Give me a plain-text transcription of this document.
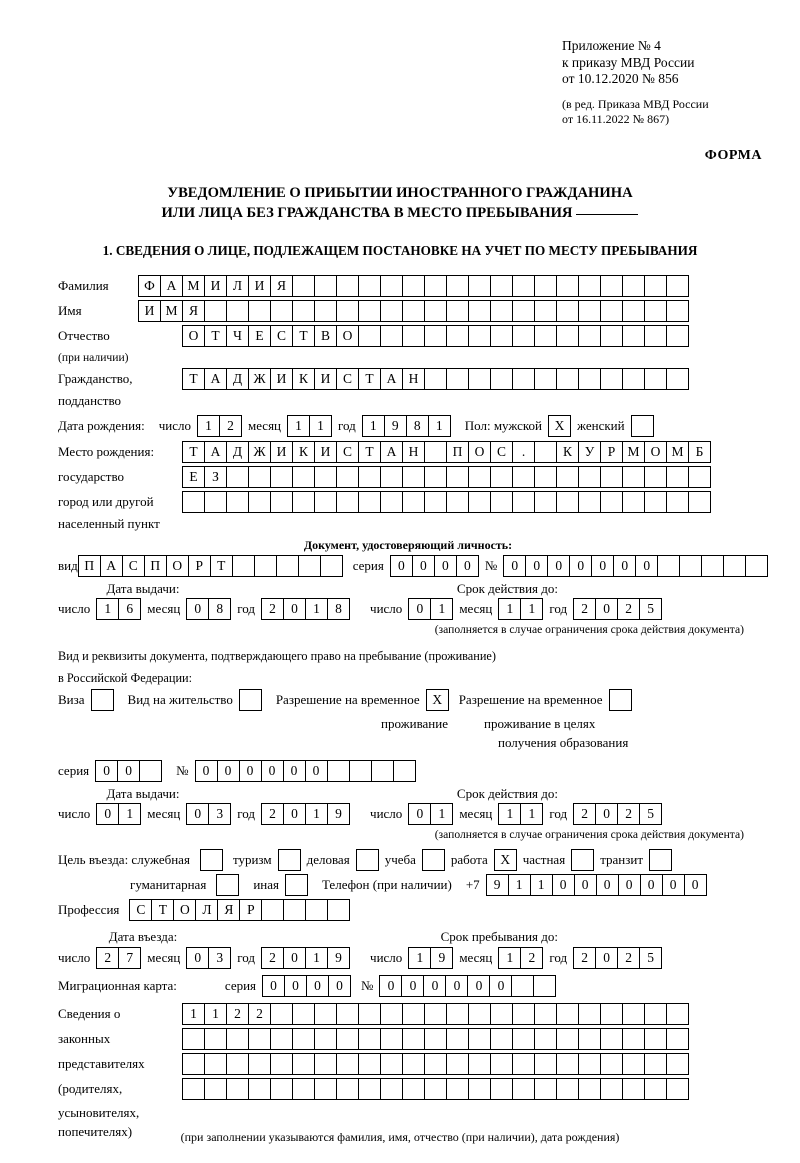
Приложение № 4
к приказу МВД России
от 10.12.2020 № 856
(в ред. Приказа МВД России
от 16.11.2022 № 867)
ФОРМА
УВЕДОМЛЕНИЕ О ПРИБЫТИИ ИНОСТРАННОГО ГРАЖДАНИНА
ИЛИ ЛИЦА БЕЗ ГРАЖДАНСТВА В МЕСТО ПРЕБЫВАНИЯ
1. СВЕДЕНИЯ О ЛИЦЕ, ПОДЛЕЖАЩЕМ ПОСТАНОВКЕ НА УЧЕТ ПО МЕСТУ ПРЕБЫВАНИЯ
Фамилия	Ф А М И Л И Я
Имя	И М Я
Отчество	О Т Ч Е С Т В О
(при наличии)
Гражданство,	Т А Д Ж И К И С Т А Н
подданство
Дата рождения: число	1	2	месяц	1	1	год	1	9	8	1	Пол: мужской X женский
Место рождения:	Т А Д Ж И К И С Т А Н	П О С	.	К У Р М О М Б
государство	Е	З
город или другой
населенный пункт
Документ, удостоверяющий личность:
вид П А С П О Р	Т	серия	0	0	0	0	№	0	0	0	0	0	0	0
Дата выдачи:	Срок действия до:
число	1	6	месяц	0	8	год	2	0	1	8	число	0	1	месяц	1	1	год	2	0	2	5
(заполняется в случае ограничения срока действия документа)
Вид и реквизиты документа, подтверждающего право на пребывание (проживание)
в Российской Федерации:
Виза	Вид на жительство	Разрешение на временное X	Разрешение на временное
проживание	проживание в целях
получения образования
серия	0	0	№	0	0	0	0	0	0
Дата выдачи:	Срок действия до:
число	0	1	месяц	0	3	год	2	0	1	9	число	0	1	месяц	1	1	год	2	0	2	5
(заполняется в случае ограничения срока действия документа)
Цель въезда: служебная	туризм	деловая	учеба	работа X частная	транзит
гуманитарная	иная	Телефон (при наличии) +7	9	1	1	0	0	0	0	0	0	0
Профессия	С Т О Л Я	Р
Дата въезда:	Срок пребывания до:
число	2	7	месяц	0	3	год	2	0	1	9	число	1	9	месяц	1	2	год	2	0	2	5
Миграционная карта:	серия	0	0	0	0	№	0	0	0	0	0	0
Сведения о	1	1	2	2
законных
представителях
(родителях,
усыновителях,
попечителях)	(при заполнении указываются фамилия, имя, отчество (при наличии), дата рождения)
